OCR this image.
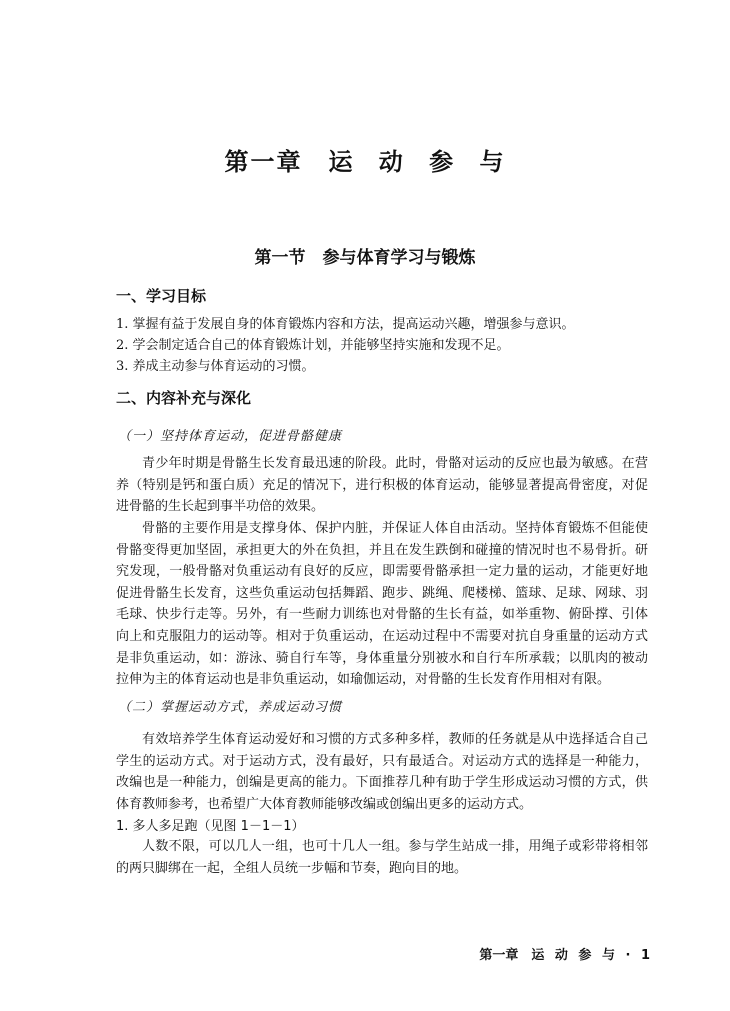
第一章　运 动 参 与
第一节　参与体育学习与锻炼
一、学习目标
1. 掌握有益于发展自身的体育锻炼内容和方法，提高运动兴趣，增强参与意识。
2. 学会制定适合自己的体育锻炼计划，并能够坚持实施和发现不足。
3. 养成主动参与体育运动的习惯。
二、内容补充与深化
（一）坚持体育运动，促进骨骼健康
青少年时期是骨骼生长发育最迅速的阶段。此时，骨骼对运动的反应也最为敏感。在营养（特别是钙和蛋白质）充足的情况下，进行积极的体育运动，能够显著提高骨密度，对促进骨骼的生长起到事半功倍的效果。
骨骼的主要作用是支撑身体、保护内脏，并保证人体自由活动。坚持体育锻炼不但能使骨骼变得更加坚固，承担更大的外在负担，并且在发生跌倒和碰撞的情况时也不易骨折。研究发现，一般骨骼对负重运动有良好的反应，即需要骨骼承担一定力量的运动，才能更好地促进骨骼生长发育，这些负重运动包括舞蹈、跑步、跳绳、爬楼梯、篮球、足球、网球、羽毛球、快步行走等。另外，有一些耐力训练也对骨骼的生长有益，如举重物、俯卧撑、引体向上和克服阻力的运动等。相对于负重运动，在运动过程中不需要对抗自身重量的运动方式是非负重运动，如：游泳、骑自行车等，身体重量分别被水和自行车所承载；以肌肉的被动拉伸为主的体育运动也是非负重运动，如瑜伽运动，对骨骼的生长发育作用相对有限。
（二）掌握运动方式，养成运动习惯
有效培养学生体育运动爱好和习惯的方式多种多样，教师的任务就是从中选择适合自己学生的运动方式。对于运动方式，没有最好，只有最适合。对运动方式的选择是一种能力，改编也是一种能力，创编是更高的能力。下面推荐几种有助于学生形成运动习惯的方式，供体育教师参考，也希望广大体育教师能够改编或创编出更多的运动方式。
1. 多人多足跑（见图 1－1－1）
人数不限，可以几人一组，也可十几人一组。参与学生站成一排，用绳子或彩带将相邻的两只脚绑在一起，全组人员统一步幅和节奏，跑向目的地。
第一章　运 动 参 与 · 1
